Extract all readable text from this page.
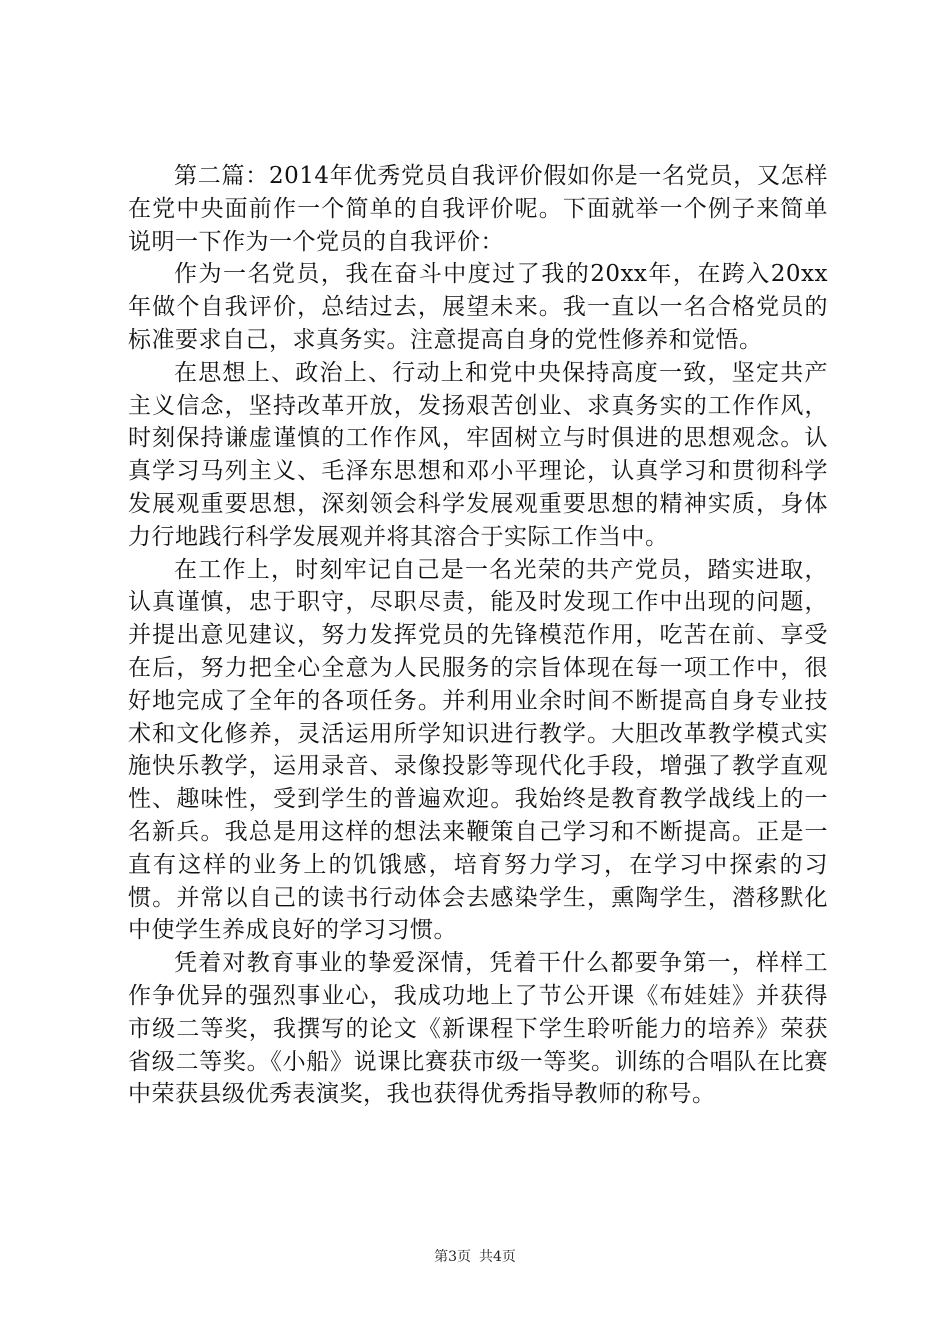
第二篇：2014年优秀党员自我评价假如你是一名党员，又怎样在党中央面前作一个简单的自我评价呢。下面就举一个例子来简单说明一下作为一个党员的自我评价：

作为一名党员，我在奋斗中度过了我的20xx年，在跨入20xx年做个自我评价，总结过去，展望未来。我一直以一名合格党员的标准要求自己，求真务实。注意提高自身的党性修养和觉悟。

在思想上、政治上、行动上和党中央保持高度一致，坚定共产主义信念，坚持改革开放，发扬艰苦创业、求真务实的工作作风，时刻保持谦虚谨慎的工作作风，牢固树立与时俱进的思想观念。认真学习马列主义、毛泽东思想和邓小平理论，认真学习和贯彻科学发展观重要思想，深刻领会科学发展观重要思想的精神实质，身体力行地践行科学发展观并将其溶合于实际工作当中。

在工作上，时刻牢记自己是一名光荣的共产党员，踏实进取，认真谨慎，忠于职守，尽职尽责，能及时发现工作中出现的问题，并提出意见建议，努力发挥党员的先锋模范作用，吃苦在前、享受在后，努力把全心全意为人民服务的宗旨体现在每一项工作中，很好地完成了全年的各项任务。并利用业余时间不断提高自身专业技术和文化修养，灵活运用所学知识进行教学。大胆改革教学模式实施快乐教学，运用录音、录像投影等现代化手段，增强了教学直观性、趣味性，受到学生的普遍欢迎。我始终是教育教学战线上的一名新兵。我总是用这样的想法来鞭策自己学习和不断提高。正是一直有这样的业务上的饥饿感，培育努力学习，在学习中探索的习惯。并常以自己的读书行动体会去感染学生，熏陶学生，潜移默化中使学生养成良好的学习习惯。

凭着对教育事业的挚爱深情，凭着干什么都要争第一，样样工作争优异的强烈事业心，我成功地上了节公开课《布娃娃》并获得市级二等奖，我撰写的论文《新课程下学生聆听能力的培养》荣获省级二等奖。《小船》说课比赛获市级一等奖。训练的合唱队在比赛中荣获县级优秀表演奖，我也获得优秀指导教师的称号。

第3页 共4页
